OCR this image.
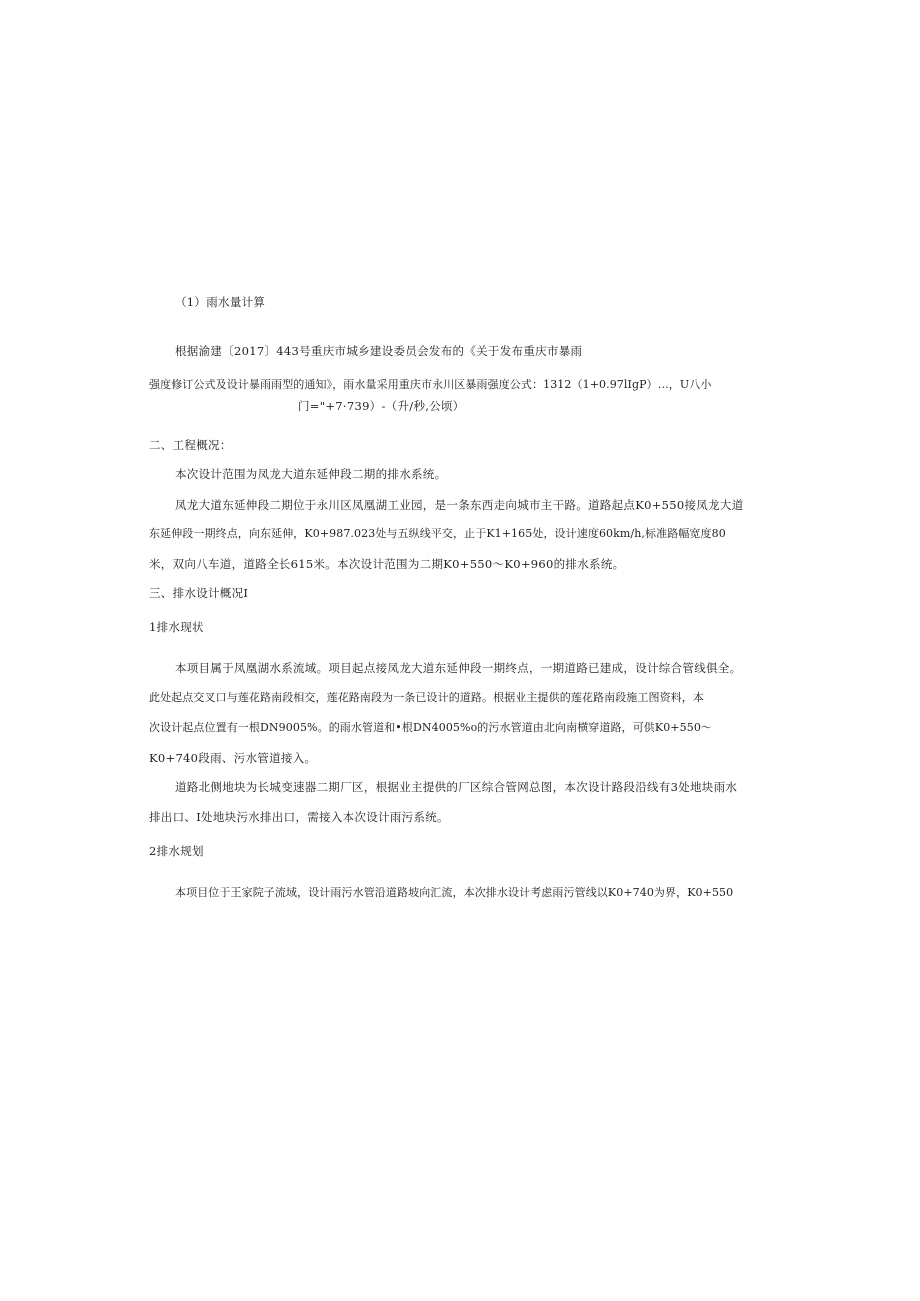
（1）雨水量计算
根据渝建〔2017〕443号重庆市城乡建设委员会发布的《关于发布重庆市暴雨
强度修订公式及设计暴雨雨型的通知》，雨水量采用重庆市永川区暴雨强度公式：1312（1+0.97lIgP）…，U八小
门="+7·739）-（升/秒,公顷）
二、工程概况：
本次设计范围为凤龙大道东延伸段二期的排水系统。
凤龙大道东延伸段二期位于永川区凤凰湖工业园，是一条东西走向城市主干路。道路起点K0+550接凤龙大道
东延伸段一期终点，向东延伸，K0+987.023处与五纵线平交，止于K1+165处，设计速度60km/h,标准路幅宽度80
米，双向八车道，道路全长615米。本次设计范围为二期K0+550～K0+960的排水系统。
三、排水设计概况I
1排水现状
本项目属于凤凰湖水系流域。项目起点接凤龙大道东延伸段一期终点，一期道路已建成，设计综合管线俱全。
此处起点交叉口与莲花路南段相交，莲花路南段为一条已设计的道路。根据业主提供的莲花路南段施工图资料，本
次设计起点位置有一根DN9005%。的雨水管道和•根DN4005%o的污水管道由北向南横穿道路，可供K0+550～
K0+740段雨、污水管道接入。
道路北侧地块为长城变速器二期厂区，根据业主提供的厂区综合管网总图，本次设计路段沿线有3处地块雨水
排出口、I处地块污水排出口，需接入本次设计雨污系统。
2排水规划
本项目位于王家院子流域，设计雨污水管沿道路坡向汇流，本次排水设计考虑雨污管线以K0+740为界，K0+550
